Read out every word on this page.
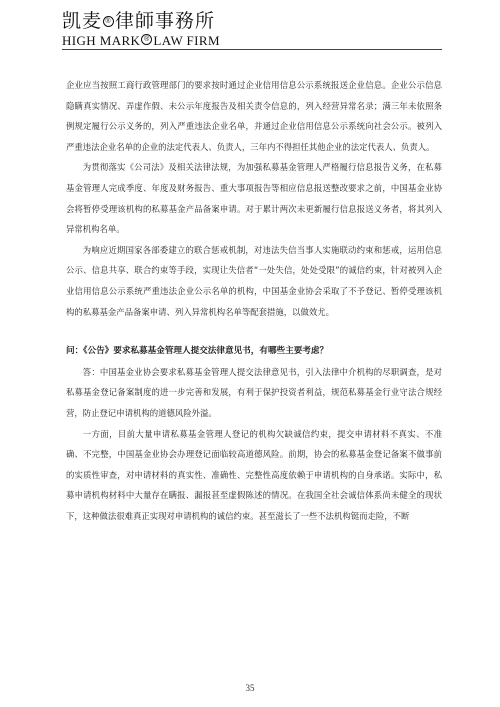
凯麦 ® 律師事務所
HIGH MARK ® LAW FIRM

企业应当按照工商行政管理部门的要求按时通过企业信用信息公示系统报送企业信息。企业公示信息隐瞒真实情况、弄虚作假、未公示年度报告及相关责令信息的，列入经营异常名录；满三年未依照条例规定履行公示义务的，列入严重违法企业名单，并通过企业信用信息公示系统向社会公示。被列入严重违法企业名单的企业的法定代表人、负责人，三年内不得担任其他企业的法定代表人、负责人。

为贯彻落实《公司法》及相关法律法规，为加强私募基金管理人严格履行信息报告义务，在私募基金管理人完成季度、年度及财务报告、重大事项报告等相应信息报送整改要求之前，中国基金业协会将暂停受理该机构的私募基金产品备案申请。对于累计两次未更新履行信息报送义务者，将其列入异常机构名单。

为响应近期国家各部委建立的联合惩戒机制，对违法失信当事人实施联动约束和惩戒，运用信息公示、信息共享、联合约束等手段，实现让失信者“一处失信，处处受限”的诚信约束，针对被列入企业信用信息公示系统严重违法企业公示名单的机构，中国基金业协会采取了不予登记、暂停受理该机构的私募基金产品备案申请、列入异常机构名单等配套措施，以做效尤。

问：《公告》要求私募基金管理人提交法律意见书，有哪些主要考虑？

答：中国基金业协会要求私募基金管理人提交法律意见书，引入法律中介机构的尽职调查，是对私募基金登记备案制度的进一步完善和发展，有利于保护投资者利益，规范私募基金行业守法合规经营，防止登记申请机构的道德风险外溢。

一方面，目前大量申请私募基金管理人登记的机构欠缺诚信约束，提交申请材料不真实、不准确、不完整，中国基金业协会办理登记面临较高道德风险。前期，协会的私募基金登记备案不做事前的实质性审查，对申请材料的真实性、准确性、完整性高度依赖于申请机构的自身承诺。实际中，私募申请机构材料中大量存在瞒报、漏报甚至虚假陈述的情况。在我国全社会诚信体系尚未健全的现状下，这种做法很难真正实现对申请机构的诚信约束。甚至滋长了一些不法机构铤而走险，不断

35
